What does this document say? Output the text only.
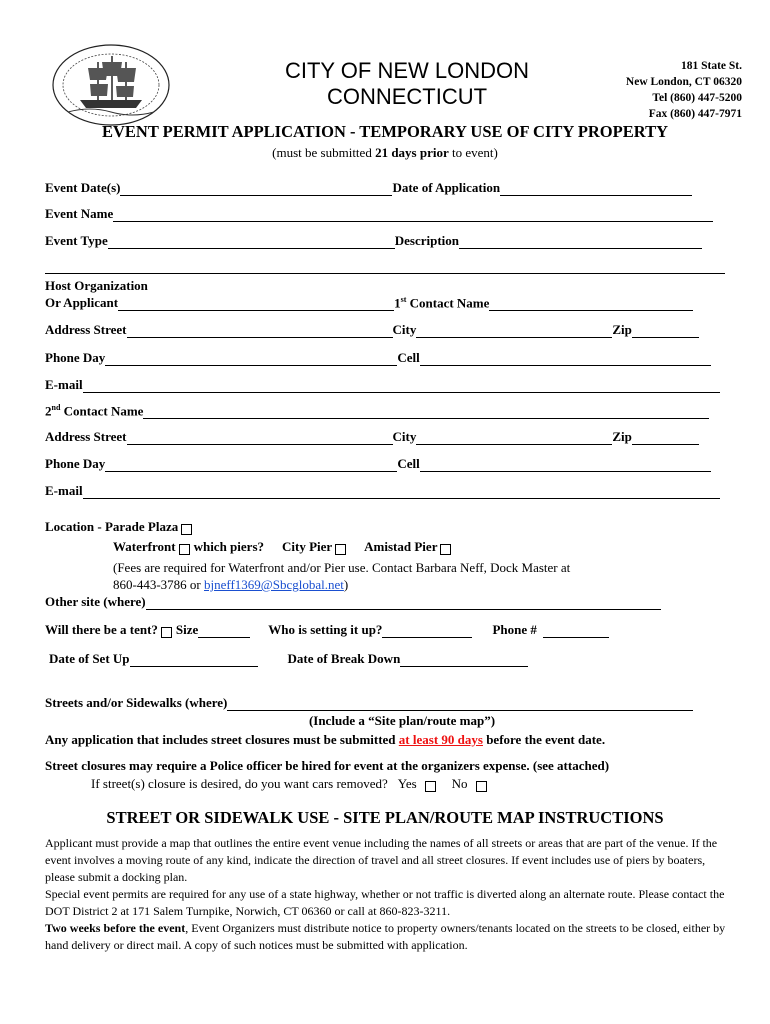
CITY OF NEW LONDON
CONNECTICUT
181 State St.
New London, CT 06320
Tel (860) 447-5200
Fax (860) 447-7971
EVENT PERMIT APPLICATION - TEMPORARY USE OF CITY PROPERTY
(must be submitted 21 days prior to event)
Event Date(s)	Date of Application
Event Name
Event Type	Description
Host Organization
Or Applicant	1st Contact Name
Address Street	City	Zip
Phone Day	Cell
E-mail
2nd Contact Name
Address Street	City	Zip
Phone Day	Cell
E-mail
Location - Parade Plaza
Waterfront which piers? City Pier Amistad Pier
(Fees are required for Waterfront and/or Pier use. Contact Barbara Neff, Dock Master at
860-443-3786 or bjneff1369@Sbcglobal.net)
Other site (where)
Will there be a tent? Size	Who is setting it up?	Phone #
Date of Set Up	Date of Break Down
Streets and/or Sidewalks (where)
(Include a “Site plan/route map”)
Any application that includes street closures must be submitted at least 90 days before the event date.
Street closures may require a Police officer be hired for event at the organizers expense. (see attached)
If street(s) closure is desired, do you want cars removed? Yes	No
STREET OR SIDEWALK USE - SITE PLAN/ROUTE MAP INSTRUCTIONS

Applicant must provide a map that outlines the entire event venue including the names of all streets or areas that are part of the venue. If the event involves a moving route of any kind, indicate the direction of travel and all street closures. If event includes use of piers by boaters, please submit a docking plan.

Special event permits are required for any use of a state highway, whether or not traffic is diverted along an alternate route. Please contact the DOT District 2 at 171 Salem Turnpike, Norwich, CT 06360 or call at 860-823-3211.

Two weeks before the event, Event Organizers must distribute notice to property owners/tenants located on the streets to be closed, either by hand delivery or direct mail. A copy of such notices must be submitted with application.
